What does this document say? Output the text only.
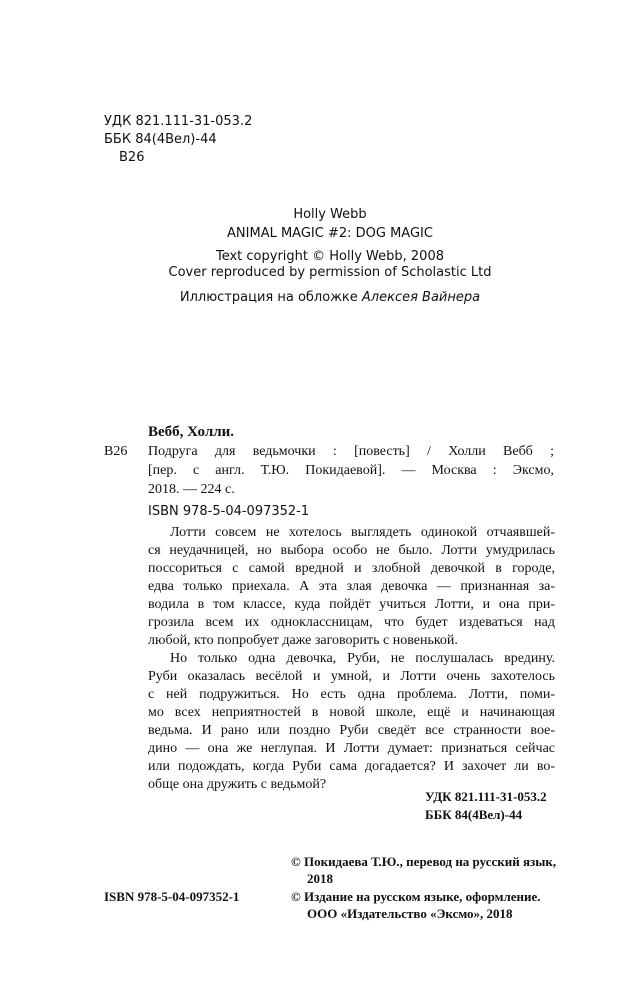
УДК 821.111-31-053.2
ББК 84(4Вел)-44
В26
Holly Webb
ANIMAL MAGIC #2: DOG MAGIC
Text copyright © Holly Webb, 2008
Cover reproduced by permission of Scholastic Ltd
Иллюстрация на обложке Алексея Вайнера
Вебб, Холли.
В26 Подруга для ведьмочки : [повесть] / Холли Вебб ;
[пер. с англ. Т.Ю. Покидаевой]. — Москва : Эксмо,
2018. — 224 с.
ISBN 978-5-04-097352-1
Лотти совсем не хотелось выглядеть одинокой отчаявшей-
ся неудачницей, но выбора особо не было. Лотти умудрилась
поссориться с самой вредной и злобной девочкой в городе,
едва только приехала. А эта злая девочка — признанная за-
водила в том классе, куда пойдёт учиться Лотти, и она при-
грозила всем их одноклассницам, что будет издеваться над
любой, кто попробует даже заговорить с новенькой.
Но только одна девочка, Руби, не послушалась вредину.
Руби оказалась весёлой и умной, и Лотти очень захотелось
с ней подружиться. Но есть одна проблема. Лотти, поми-
мо всех неприятностей в новой школе, ещё и начинающая
ведьма. И рано или поздно Руби сведёт все странности вое-
дино — она же неглупая. И Лотти думает: признаться сейчас
или подождать, когда Руби сама догадается? И захочет ли во-
обще она дружить с ведьмой?
УДК 821.111-31-053.2
ББК 84(4Вел)-44
© Покидаева Т.Ю., перевод на русский язык,
2018
© Издание на русском языке, оформление.
ООО «Издательство «Эксмо», 2018
ISBN 978-5-04-097352-1
